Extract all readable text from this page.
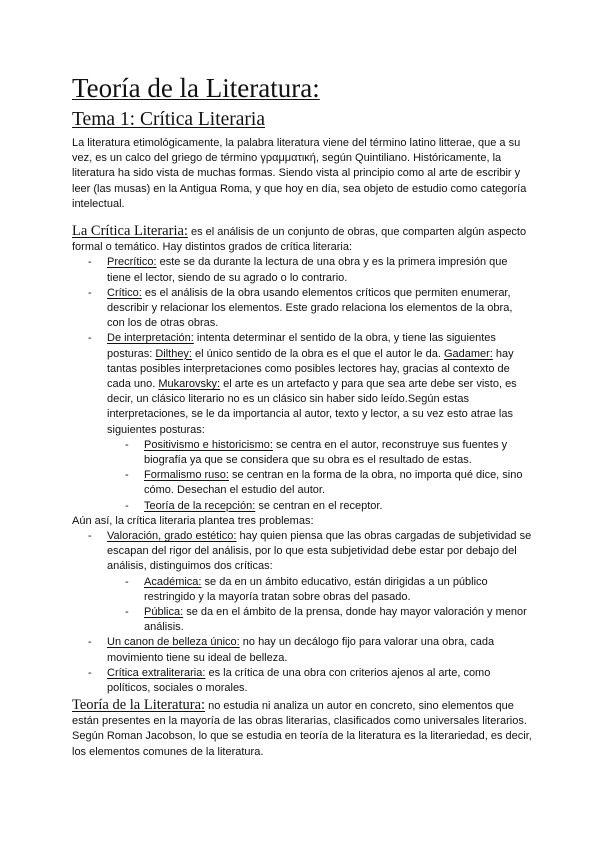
Teoría de la Literatura:
Tema 1: Crítica Literaria

La literatura etimológicamente, la palabra literatura viene del término latino litterae, que a su vez, es un calco del griego de término γραμματική, según Quintiliano. Históricamente, la literatura ha sido vista de muchas formas. Siendo vista al principio como al arte de escribir y leer (las musas) en la Antigua Roma, y que hoy en día, sea objeto de estudio como categoría intelectual.

La Crítica Literaria: es el análisis de un conjunto de obras, que comparten algún aspecto formal o temático. Hay distintos grados de crítica literaria:

- Precrítico: este se da durante la lectura de una obra y es la primera impresión que tiene el lector, siendo de su agrado o lo contrario.
- Crítico: es el análisis de la obra usando elementos críticos que permiten enumerar, describir y relacionar los elementos. Este grado relaciona los elementos de la obra, con los de otras obras.
- De interpretación: intenta determinar el sentido de la obra, y tiene las siguientes posturas: Dilthey: el único sentido de la obra es el que el autor le da. Gadamer: hay tantas posibles interpretaciones como posibles lectores hay, gracias al contexto de cada uno. Mukarovsky: el arte es un artefacto y para que sea arte debe ser visto, es decir, un clásico literario no es un clásico sin haber sido leído.Según estas interpretaciones, se le da importancia al autor, texto y lector, a su vez esto atrae las siguientes posturas:
- Positivismo e historicismo: se centra en el autor, reconstruye sus fuentes y biografía ya que se considera que su obra es el resultado de estas.
- Formalismo ruso: se centran en la forma de la obra, no importa qué dice, sino cómo. Desechan el estudio del autor.
- Teoría de la recepción: se centran en el receptor.

Aún así, la crítica literaria plantea tres problemas:

- Valoración, grado estético: hay quien piensa que las obras cargadas de subjetividad se escapan del rigor del análisis, por lo que esta subjetividad debe estar por debajo del análisis, distinguimos dos críticas:
- Académica: se da en un ámbito educativo, están dirigidas a un público restringido y la mayoría tratan sobre obras del pasado.
- Pública: se da en el ámbito de la prensa, donde hay mayor valoración y menor análisis.
- Un canon de belleza único: no hay un decálogo fijo para valorar una obra, cada movimiento tiene su ideal de belleza.
- Crítica extraliteraria: es la crítica de una obra con criterios ajenos al arte, como políticos, sociales o morales.

Teoría de la Literatura: no estudia ni analiza un autor en concreto, sino elementos que están presentes en la mayoría de las obras literarias, clasificados como universales literarios. Según Roman Jacobson, lo que se estudia en teoría de la literatura es la literariedad, es decir, los elementos comunes de la literatura.
